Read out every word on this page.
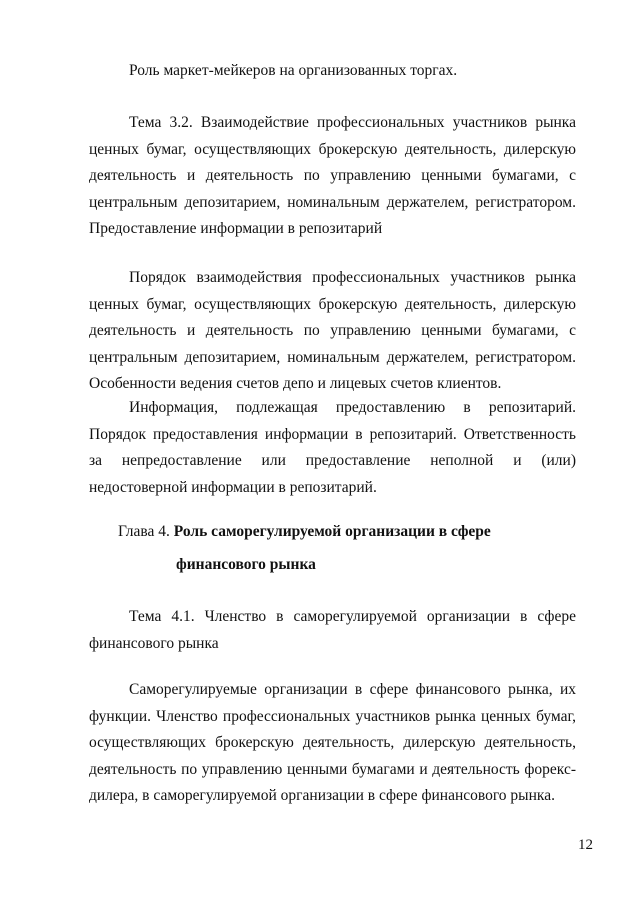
Роль маркет-мейкеров на организованных торгах.
Тема 3.2. Взаимодействие профессиональных участников рынка ценных бумаг, осуществляющих брокерскую деятельность, дилерскую деятельность и деятельность по управлению ценными бумагами, с центральным депозитарием, номинальным держателем, регистратором. Предоставление информации в репозитарий
Порядок взаимодействия профессиональных участников рынка ценных бумаг, осуществляющих брокерскую деятельность, дилерскую деятельность и деятельность по управлению ценными бумагами, с центральным депозитарием, номинальным держателем, регистратором. Особенности ведения счетов депо и лицевых счетов клиентов.
Информация, подлежащая предоставлению в репозитарий. Порядок предоставления информации в репозитарий. Ответственность за непредоставление или предоставление неполной и (или) недостоверной информации в репозитарий.
Глава 4. Роль саморегулируемой организации в сфере
финансового рынка
Тема 4.1. Членство в саморегулируемой организации в сфере финансового рынка
Саморегулируемые организации в сфере финансового рынка, их функции. Членство профессиональных участников рынка ценных бумаг, осуществляющих брокерскую деятельность, дилерскую деятельность, деятельность по управлению ценными бумагами и деятельность форекс-дилера, в саморегулируемой организации в сфере финансового рынка.
12
